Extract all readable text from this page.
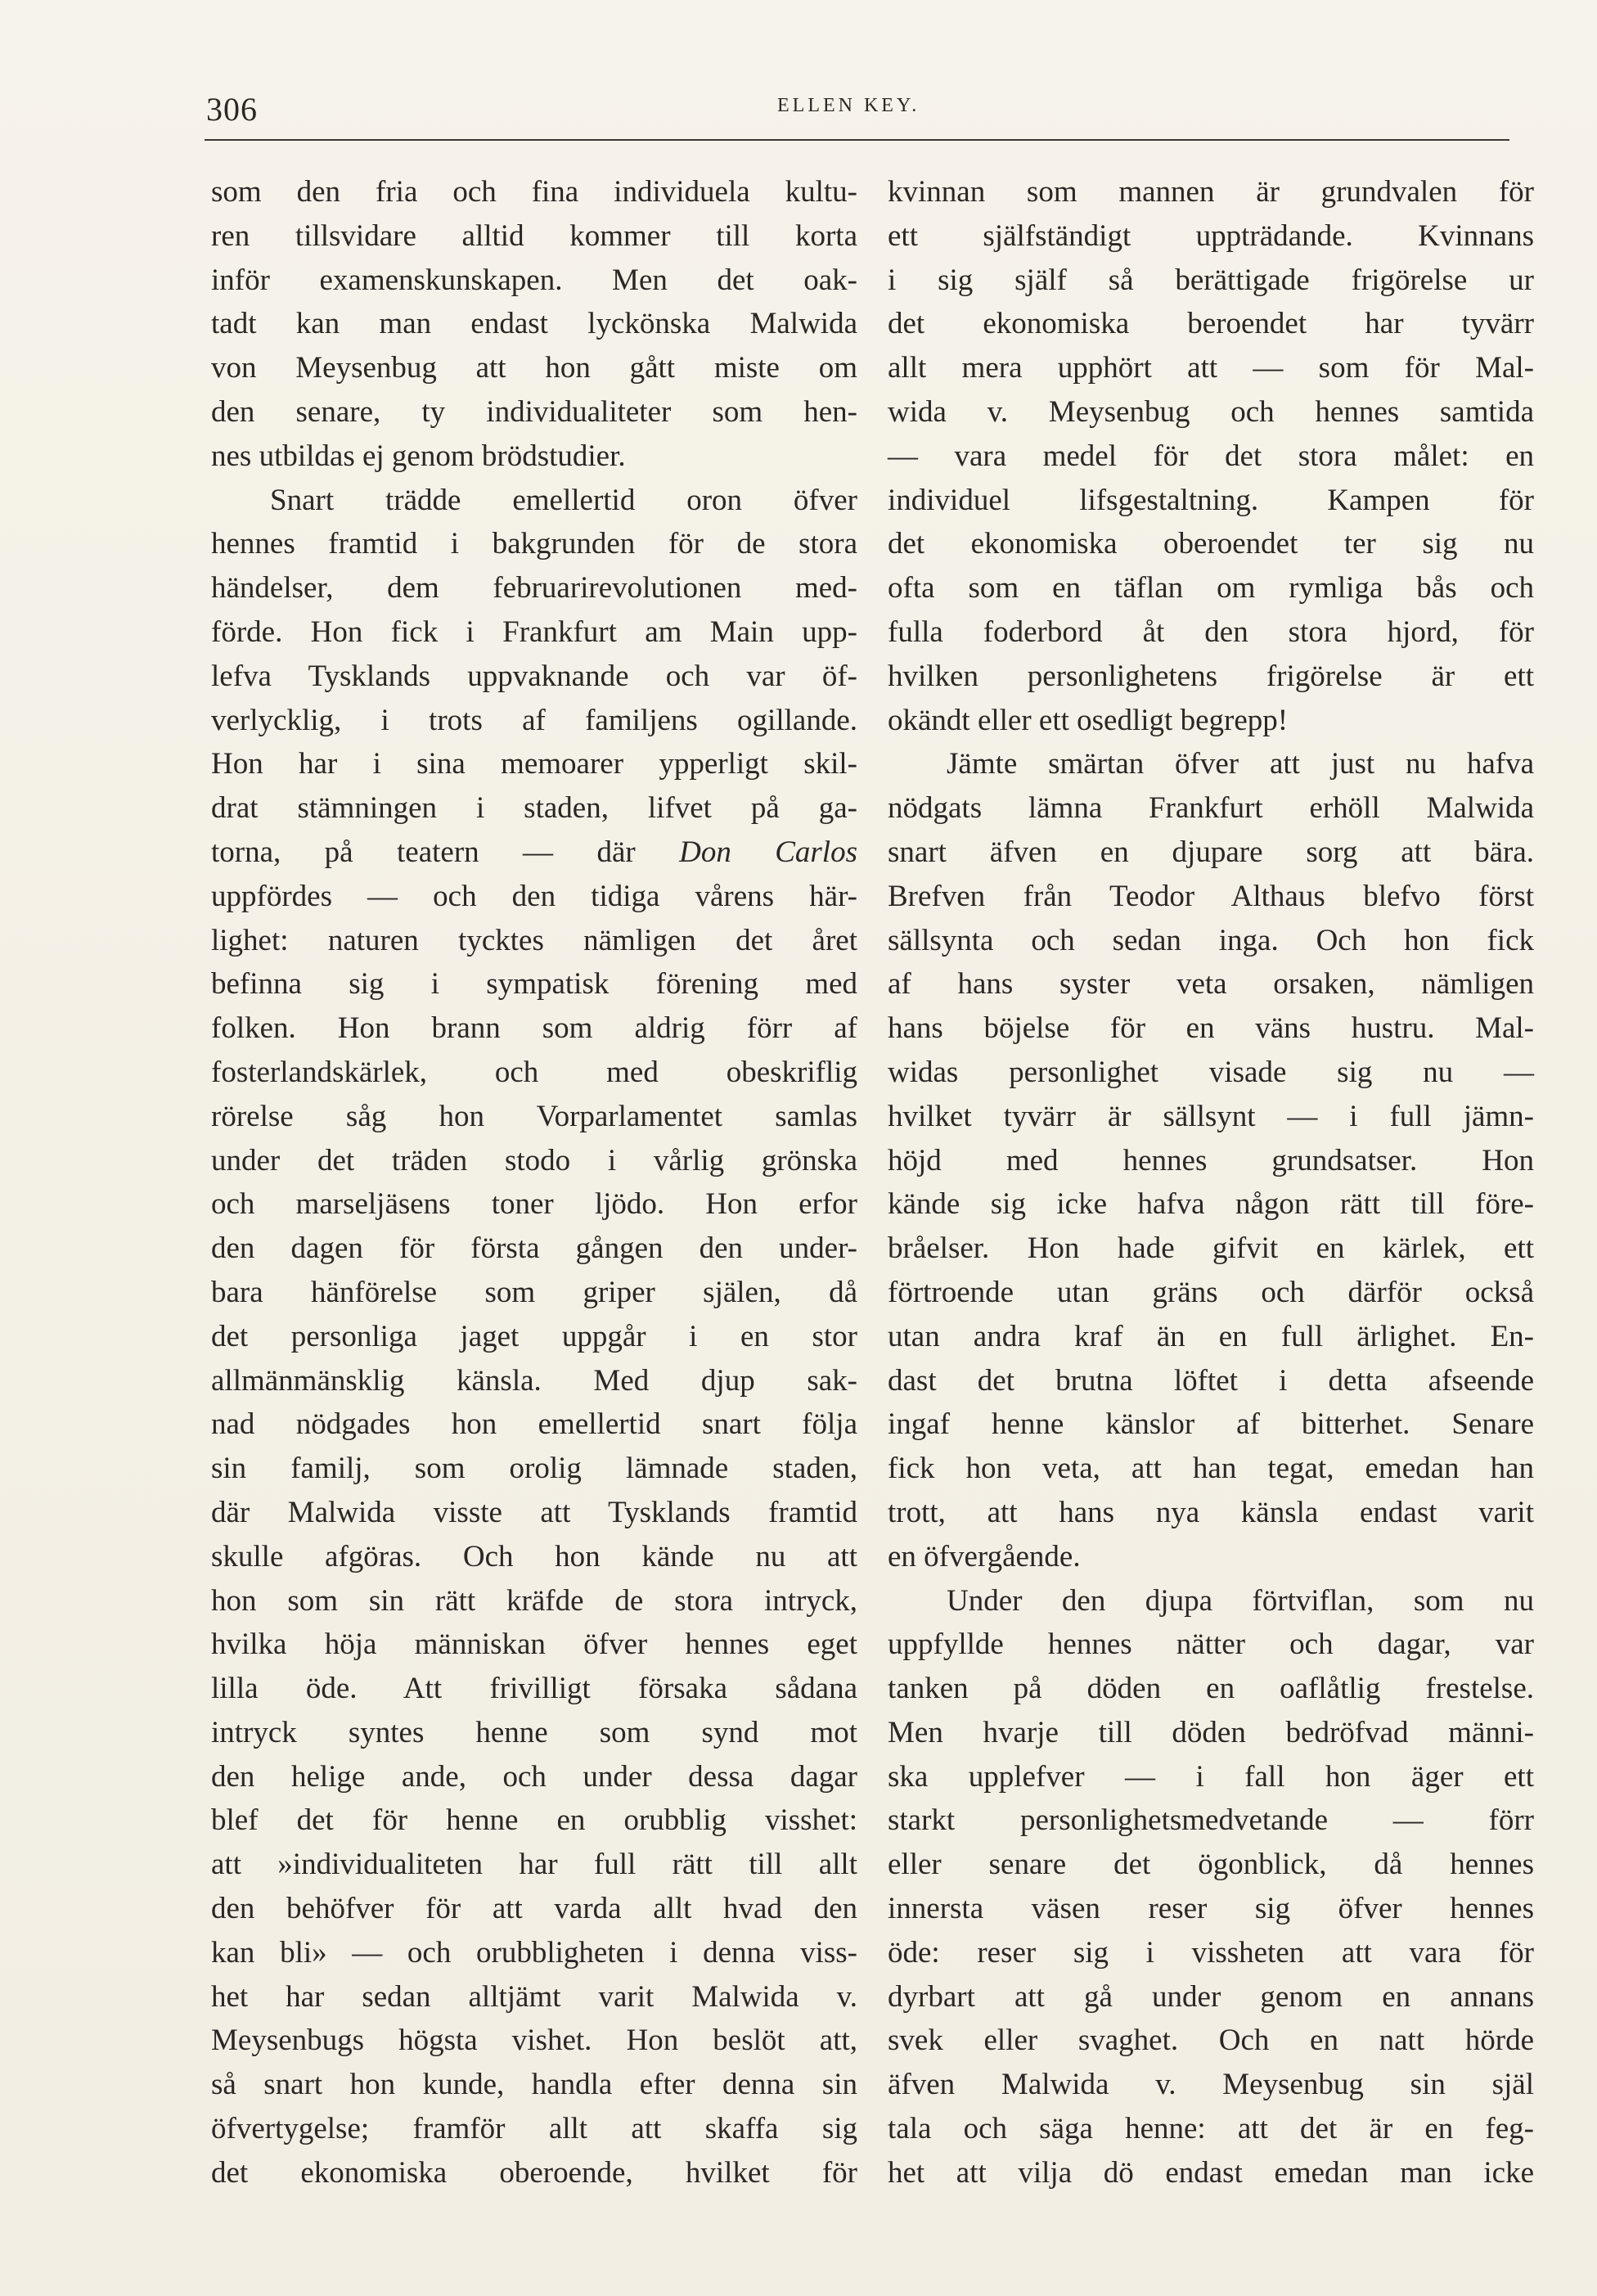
306	ELLEN KEY.
som den fria och fina individuela kultu-
ren tillsvidare alltid kommer till korta
inför examenskunskapen. Men det oak-
tadt kan man endast lyckönska Malwida
von Meysenbug att hon gått miste om
den senare, ty individualiteter som hen-
nes utbildas ej genom brödstudier.
Snart trädde emellertid oron öfver
hennes framtid i bakgrunden för de stora
händelser, dem februarirevolutionen med-
förde. Hon fick i Frankfurt am Main upp-
lefva Tysklands uppvaknande och var öf-
verlycklig, i trots af familjens ogillande.
Hon har i sina memoarer ypperligt skil-
drat stämningen i staden, lifvet på ga-
torna, på teatern — där Don Carlos
uppfördes — och den tidiga vårens här-
lighet: naturen tycktes nämligen det året
befinna sig i sympatisk förening med
folken. Hon brann som aldrig förr af
fosterlandskärlek, och med obeskriflig
rörelse såg hon Vorparlamentet samlas
under det träden stodo i vårlig grönska
och marseljäsens toner ljödo. Hon erfor
den dagen för första gången den under-
bara hänförelse som griper själen, då
det personliga jaget uppgår i en stor
allmänmänsklig känsla. Med djup sak-
nad nödgades hon emellertid snart följa
sin familj, som orolig lämnade staden,
där Malwida visste att Tysklands framtid
skulle afgöras. Och hon kände nu att
hon som sin rätt kräfde de stora intryck,
hvilka höja människan öfver hennes eget
lilla öde. Att frivilligt försaka sådana
intryck syntes henne som synd mot
den helige ande, och under dessa dagar
blef det för henne en orubblig visshet:
att »individualiteten har full rätt till allt
den behöfver för att varda allt hvad den
kan bli» — och orubbligheten i denna viss-
het har sedan alltjämt varit Malwida v.
Meysenbugs högsta vishet. Hon beslöt att,
så snart hon kunde, handla efter denna sin
öfvertygelse; framför allt att skaffa sig
det ekonomiska oberoende, hvilket för
kvinnan som mannen är grundvalen för
ett själfständigt uppträdande. Kvinnans
i sig själf så berättigade frigörelse ur
det ekonomiska beroendet har tyvärr
allt mera upphört att — som för Mal-
wida v. Meysenbug och hennes samtida
— vara medel för det stora målet: en
individuel lifsgestaltning. Kampen för
det ekonomiska oberoendet ter sig nu
ofta som en täflan om rymliga bås och
fulla foderbord åt den stora hjord, för
hvilken personlighetens frigörelse är ett
okändt eller ett osedligt begrepp!
Jämte smärtan öfver att just nu hafva
nödgats lämna Frankfurt erhöll Malwida
snart äfven en djupare sorg att bära.
Brefven från Teodor Althaus blefvo först
sällsynta och sedan inga. Och hon fick
af hans syster veta orsaken, nämligen
hans böjelse för en väns hustru. Mal-
widas personlighet visade sig nu —
hvilket tyvärr är sällsynt — i full jämn-
höjd med hennes grundsatser. Hon
kände sig icke hafva någon rätt till före-
bråelser. Hon hade gifvit en kärlek, ett
förtroende utan gräns och därför också
utan andra kraf än en full ärlighet. En-
dast det brutna löftet i detta afseende
ingaf henne känslor af bitterhet. Senare
fick hon veta, att han tegat, emedan han
trott, att hans nya känsla endast varit
en öfvergående.
Under den djupa förtviflan, som nu
uppfyllde hennes nätter och dagar, var
tanken på döden en oaflåtlig frestelse.
Men hvarje till döden bedröfvad männi-
ska upplefver — i fall hon äger ett
starkt personlighetsmedvetande — förr
eller senare det ögonblick, då hennes
innersta väsen reser sig öfver hennes
öde: reser sig i vissheten att vara för
dyrbart att gå under genom en annans
svek eller svaghet. Och en natt hörde
äfven Malwida v. Meysenbug sin själ
tala och säga henne: att det är en feg-
het att vilja dö endast emedan man icke
